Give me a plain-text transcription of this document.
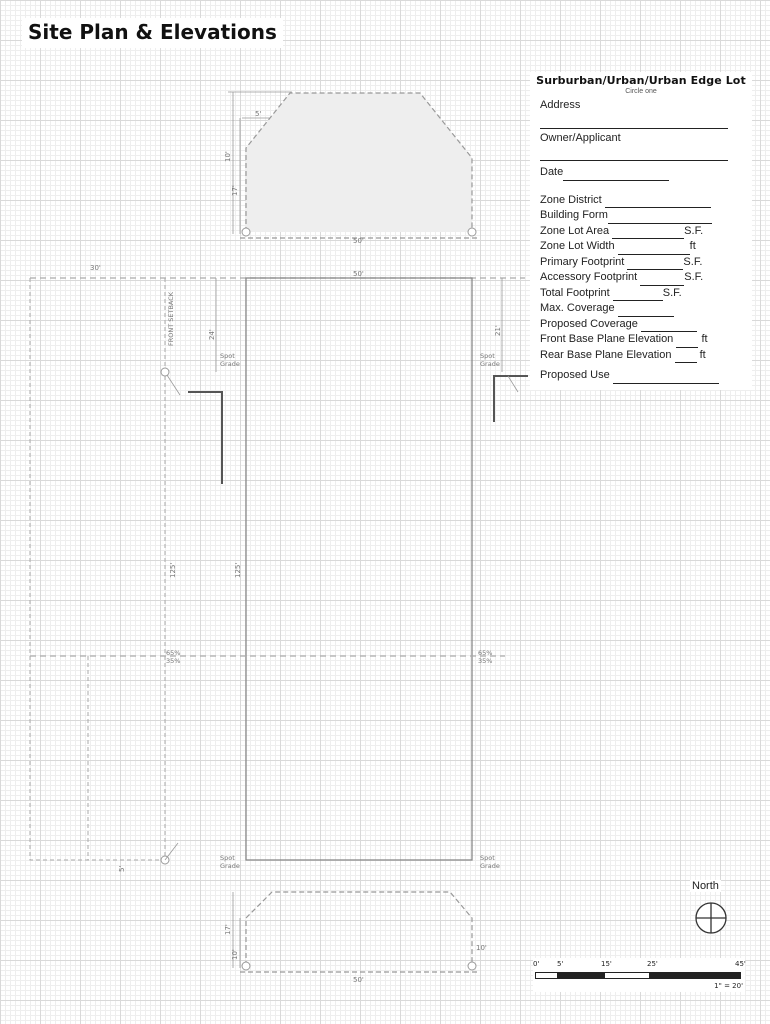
Site Plan & Elevations
5'
10'
17'
50'
30'
50'
FRONT SETBACK	24'	21'
Spot Grade
Spot Grade
Spot Grade
Spot Grade
125'	125'
65%
35%
65%
35%
5'
17'
10'
10'
50'

Surburban/Urban/Urban Edge Lot

Circle one

Address
Owner/Applicant
Date
Zone District
Building Form
Zone Lot Area	S.F.
Zone Lot Width	ft
Primary Footprint	S.F.
Accessory Footprint	S.F.
Total Footprint	S.F.
Max. Coverage
Proposed Coverage
Front Base Plane Elevation	ft
Rear Base Plane Elevation	ft
Proposed Use
North
0'	5'	15'	25'	45'
1" = 20'
